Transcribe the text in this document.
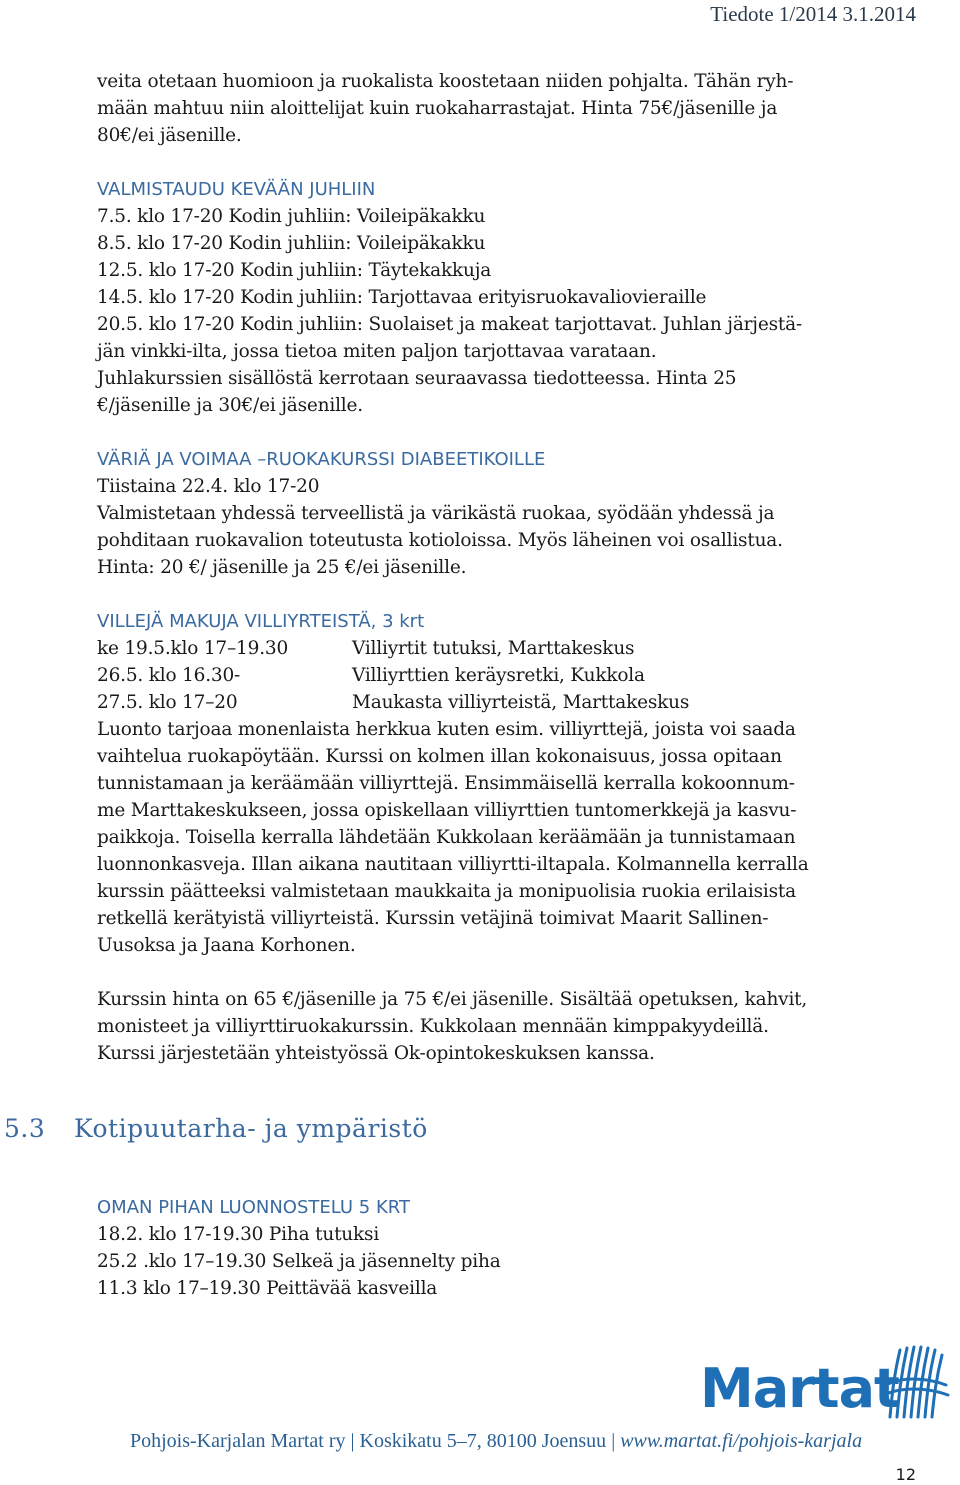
Tiedote 1/2014 3.1.2014

veita otetaan huomioon ja ruokalista koostetaan niiden pohjalta. Tähän ryh-

mään mahtuu niin aloittelijat kuin ruokaharrastajat. Hinta 75€/jäsenille ja

80€/ei jäsenille.

VALMISTAUDU KEVÄÄN JUHLIIN

7.5. klo 17-20 Kodin juhliin: Voileipäkakku

8.5. klo 17-20 Kodin juhliin: Voileipäkakku

12.5. klo 17-20 Kodin juhliin: Täytekakkuja

14.5. klo 17-20 Kodin juhliin: Tarjottavaa erityisruokavaliovieraille

20.5. klo 17-20 Kodin juhliin: Suolaiset ja makeat tarjottavat. Juhlan järjestä-

jän vinkki-ilta, jossa tietoa miten paljon tarjottavaa varataan.

Juhlakurssien sisällöstä kerrotaan seuraavassa tiedotteessa. Hinta 25

€/jäsenille ja 30€/ei jäsenille.

VÄRIÄ JA VOIMAA –RUOKAKURSSI DIABEETIKOILLE

Tiistaina 22.4. klo 17-20

Valmistetaan yhdessä terveellistä ja värikästä ruokaa, syödään yhdessä ja

pohditaan ruokavalion toteutusta kotioloissa. Myös läheinen voi osallistua.

Hinta: 20 €/ jäsenille ja 25 €/ei jäsenille.

VILLEJÄ MAKUJA VILLIYRTEISTÄ, 3 krt

ke 19.5.klo 17–19.30	Villiyrtit tutuksi, Marttakeskus
26.5. klo 16.30-	Villiyrttien keräysretki, Kukkola
27.5. klo 17–20	Maukasta villiyrteistä, Marttakeskus

Luonto tarjoaa monenlaista herkkua kuten esim. villiyrttejä, joista voi saada

vaihtelua ruokapöytään. Kurssi on kolmen illan kokonaisuus, jossa opitaan

tunnistamaan ja keräämään villiyrttejä. Ensimmäisellä kerralla kokoonnum-

me Marttakeskukseen, jossa opiskellaan villiyrttien tuntomerkkejä ja kasvu-

paikkoja. Toisella kerralla lähdetään Kukkolaan keräämään ja tunnistamaan

luonnonkasveja. Illan aikana nautitaan villiyrtti-iltapala. Kolmannella kerralla

kurssin päätteeksi valmistetaan maukkaita ja monipuolisia ruokia erilaisista

retkellä kerätyistä villiyrteistä. Kurssin vetäjinä toimivat Maarit Sallinen-

Uusoksa ja Jaana Korhonen.

Kurssin hinta on 65 €/jäsenille ja 75 €/ei jäsenille. Sisältää opetuksen, kahvit,

monisteet ja villiyrttiruokakurssin. Kukkolaan mennään kimppakyydeillä.

Kurssi järjestetään yhteistyössä Ok-opintokeskuksen kanssa.

5.3 Kotipuutarha- ja ympäristö

OMAN PIHAN LUONNOSTELU 5 KRT

18.2. klo 17-19.30 Piha tutuksi

25.2 .klo 17–19.30 Selkeä ja jäsennelty piha

11.3 klo 17–19.30 Peittävää kasveilla

Martat
Pohjois-Karjalan Martat ry | Koskikatu 5–7, 80100 Joensuu | www.martat.fi/pohjois-karjala
12
